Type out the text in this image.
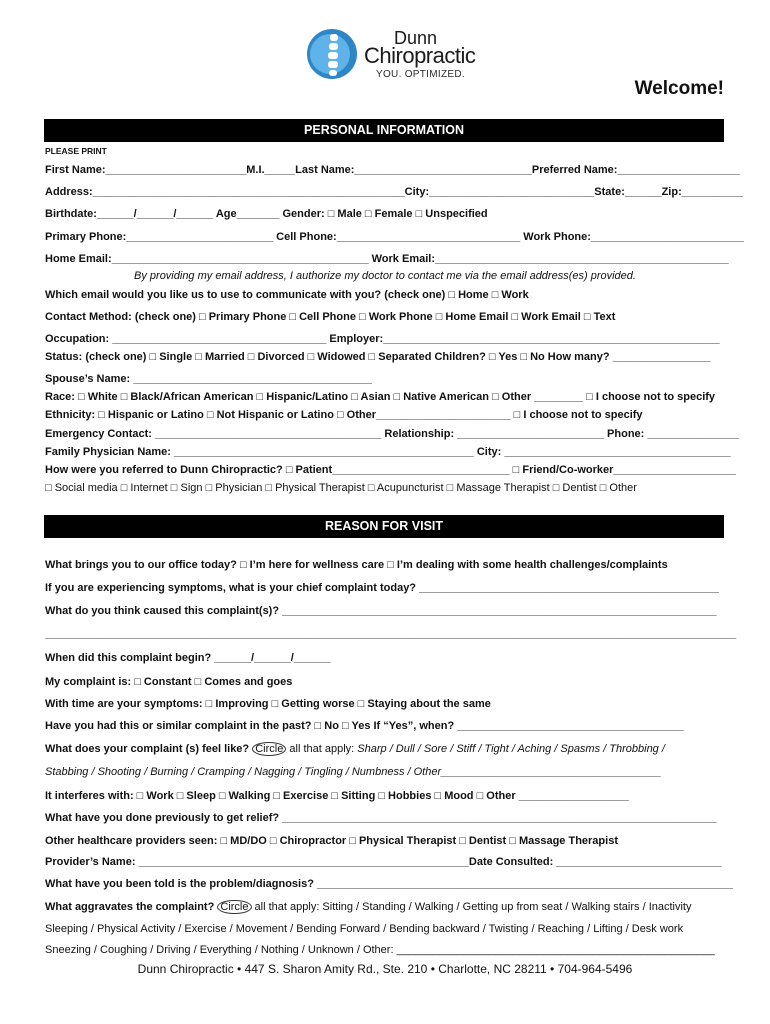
Dunn
Chiropractic
YOU. OPTIMIZED.
Welcome!
PERSONAL INFORMATION
PLEASE PRINT
First Name:_______________________M.I._____Last Name:_____________________________Preferred Name:____________________
Address:___________________________________________________City:___________________________State:______Zip:__________
Birthdate:______/______/______ Age_______ Gender: □ Male □ Female □ Unspecified
Primary Phone:________________________ Cell Phone:______________________________ Work Phone:_________________________
Home Email:__________________________________________ Work Email:________________________________________________
By providing my email address, I authorize my doctor to contact me via the email address(es) provided.
Which email would you like us to use to communicate with you? (check one) □ Home □ Work
Contact Method: (check one) □ Primary Phone □ Cell Phone □ Work Phone □ Home Email □ Work Email □ Text
Occupation: ___________________________________ Employer:_______________________________________________________
Status: (check one) □ Single □ Married □ Divorced □ Widowed □ Separated Children? □ Yes □ No How many? ________________
Spouse’s Name: _______________________________________
Race: □ White □ Black/African American □ Hispanic/Latino □ Asian □ Native American □ Other ________ □ I choose not to specify
Ethnicity: □ Hispanic or Latino □ Not Hispanic or Latino □ Other______________________ □ I choose not to specify
Emergency Contact: _____________________________________ Relationship: ________________________ Phone: _______________
Family Physician Name: _________________________________________________ City: _____________________________________
How were you referred to Dunn Chiropractic? □ Patient_____________________________ □ Friend/Co-worker____________________
□ Social media □ Internet □ Sign □ Physician □ Physical Therapist □ Acupuncturist □ Massage Therapist □ Dentist □ Other
REASON FOR VISIT
What brings you to our office today? □ I’m here for wellness care □ I’m dealing with some health challenges/complaints
If you are experiencing symptoms, what is your chief complaint today? _________________________________________________
What do you think caused this complaint(s)? _______________________________________________________________________
_________________________________________________________________________________________________________________
When did this complaint begin? ______/______/______
My complaint is: □ Constant □ Comes and goes
With time are your symptoms: □ Improving □ Getting worse □ Staying about the same
Have you had this or similar complaint in the past? □ No □ Yes If “Yes”, when? _____________________________________
What does your complaint (s) feel like? Circle all that apply: Sharp / Dull / Sore / Stiff / Tight / Aching / Spasms / Throbbing /
Stabbing / Shooting / Burning / Cramping / Nagging / Tingling / Numbness / Other____________________________________
It interferes with: □ Work □ Sleep □ Walking □ Exercise □ Sitting □ Hobbies □ Mood □ Other __________________
What have you done previously to get relief? _______________________________________________________________________
Other healthcare providers seen: □ MD/DO □ Chiropractor □ Physical Therapist □ Dentist □ Massage Therapist
Provider’s Name: ______________________________________________________Date Consulted: ___________________________
What have you been told is the problem/diagnosis? ____________________________________________________________________
What aggravates the complaint? Circle all that apply: Sitting / Standing / Walking / Getting up from seat / Walking stairs / Inactivity
Sleeping / Physical Activity / Exercise / Movement / Bending Forward / Bending backward / Twisting / Reaching / Lifting / Desk work
Sneezing / Coughing / Driving / Everything / Nothing / Unknown / Other: ____________________________________________________
Dunn Chiropractic • 447 S. Sharon Amity Rd., Ste. 210 • Charlotte, NC 28211 • 704-964-5496
